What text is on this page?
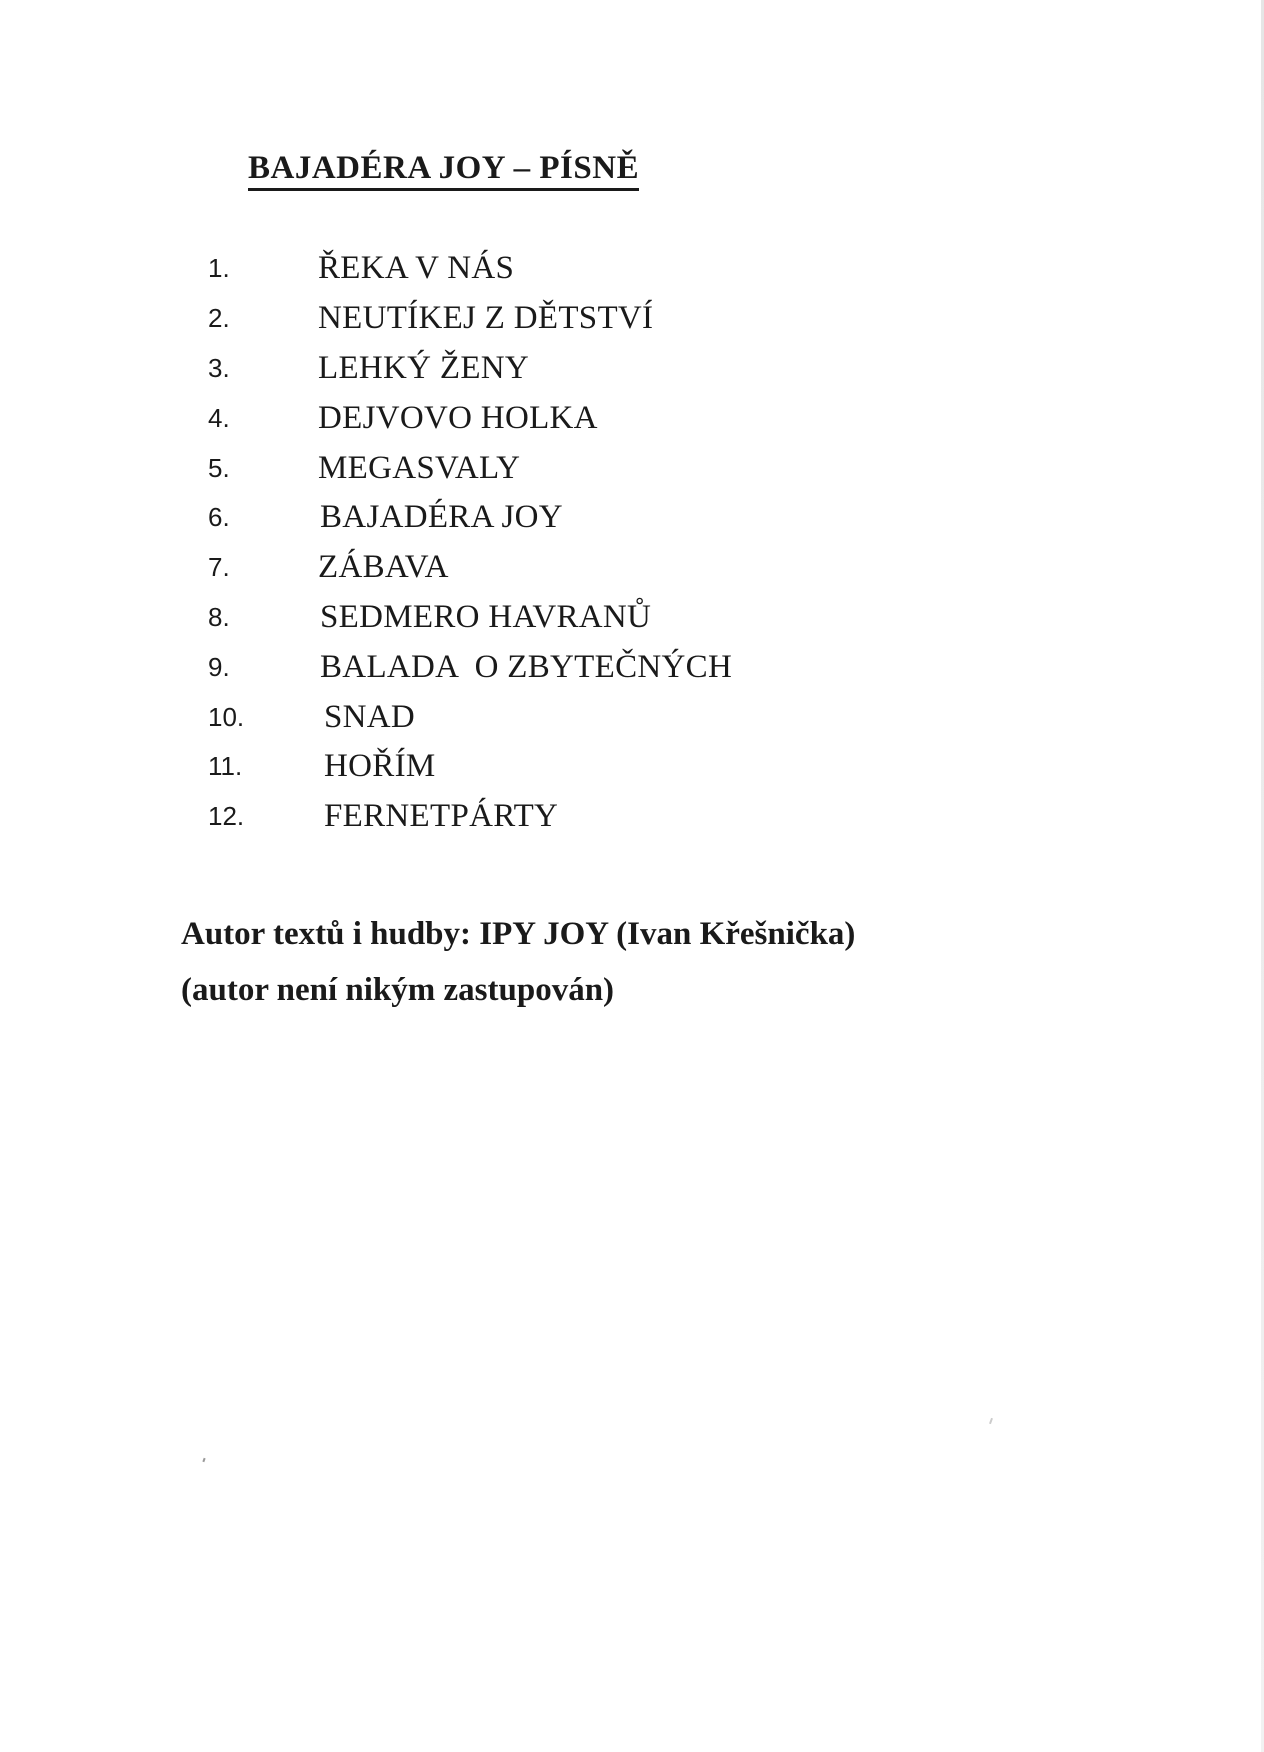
BAJADÉRA JOY – PÍSNĚ
1.	ŘEKA V NÁS
2.	NEUTÍKEJ Z DĚTSTVÍ
3.	LEHKÝ ŽENY
4.	DEJVOVO HOLKA
5.	MEGASVALY
6.	BAJADÉRA JOY
7.	ZÁBAVA
8.	SEDMERO HAVRANŮ
9.	BALADA  O ZBYTEČNÝCH
10.	SNAD
11.	HOŘÍM
12.	FERNETPÁRTY
Autor textů i hudby: IPY JOY (Ivan Křešnička)
(autor není nikým zastupován)
